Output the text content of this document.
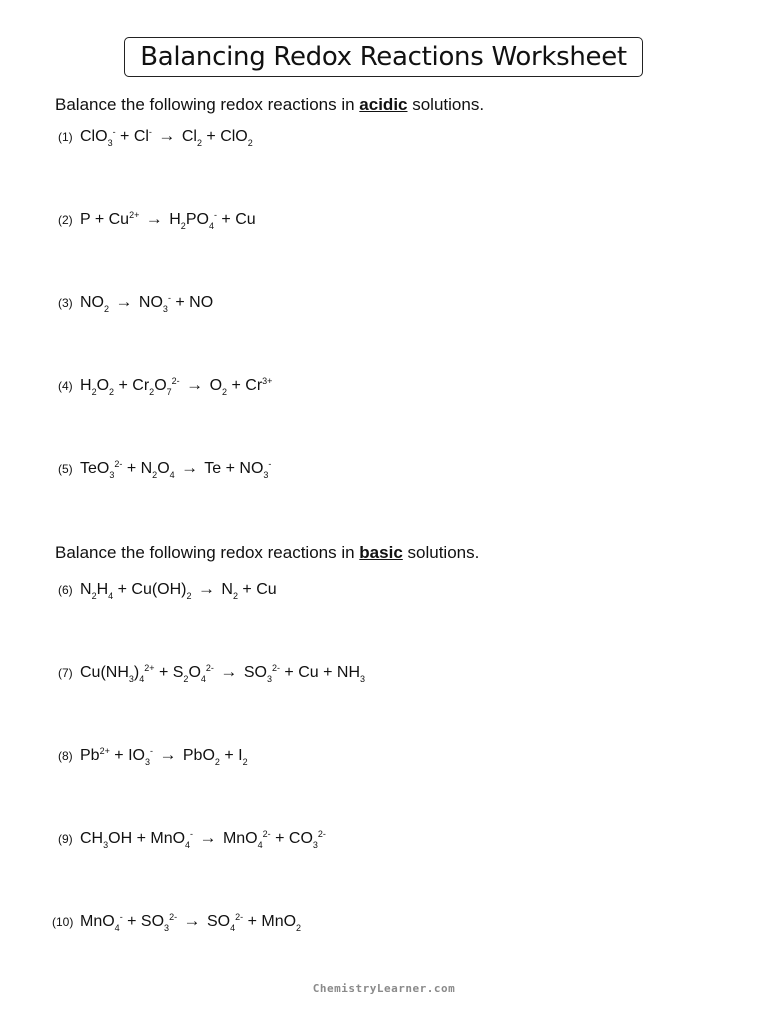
Balancing Redox Reactions Worksheet
Balance the following redox reactions in acidic solutions.
(1) $ClO_3^- + Cl^- \to Cl_2 + ClO_2$
(2) $P + Cu^{2+} \to H_2PO_4^- + Cu$
(3) $NO_2 \to NO_3^-$ + NO
(4) $H_2O_2 + Cr_2O_7^{2-} \to O_2 + Cr^{3+}$
(5) $TeO_3^{2-} + N_2O_4 \to Te + NO_3^-$
Balance the following redox reactions in basic solutions.
(6) $N_2H_4 + Cu(OH)_2 \to N_2 + Cu$
(7) $Cu(NH_3)_4^{2+} + S_2O_4^{2-} \to SO_3^{2-} + Cu + NH_3$
(8) $Pb^{2+} + IO_3^- \to PbO_2 + I_2$
(9) $CH_3OH + MnO_4^- \to MnO_4^{2-} + CO_3^{2-}$
(10) $MnO_4^- + SO_3^{2-} \to SO_4^{2-} + MnO_2$
ChemistryLearner.com
